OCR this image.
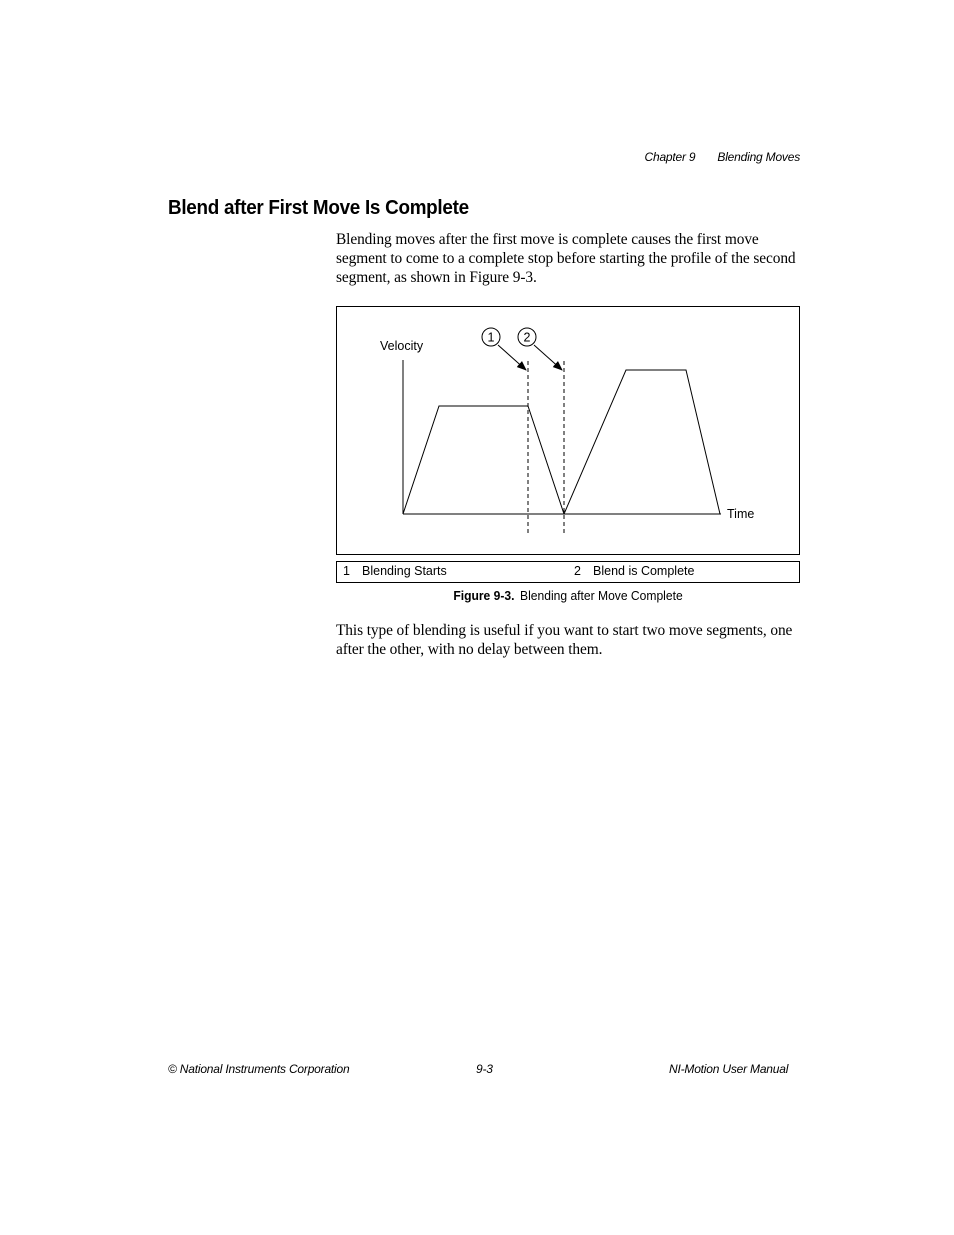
Chapter 9 Blending Moves
Blend after First Move Is Complete

Blending moves after the first move is complete causes the first move segment to come to a complete stop before starting the profile of the second segment, as shown in Figure 9-3.

1 2
Velocity
Time
1 Blending Starts	2 Blend is Complete
Figure 9-3. Blending after Move Complete

This type of blending is useful if you want to start two move segments, one after the other, with no delay between them.

© National Instruments Corporation	9-3	NI-Motion User Manual
